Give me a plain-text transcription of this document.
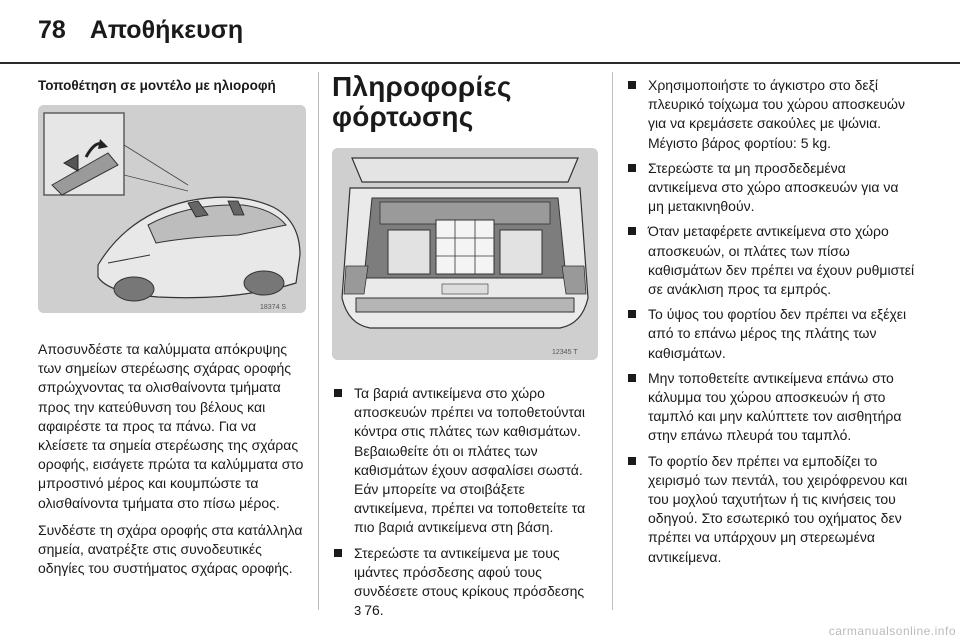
78 Αποθήκευση
Τοποθέτηση σε μοντέλο με ηλιοροφή
18374 S

Αποσυνδέστε τα καλύμματα απόκρυψης των σημείων στερέωσης σχάρας οροφής σπρώχνοντας τα ολισθαίνοντα τμήματα προς την κατεύθυνση του βέλους και αφαιρέστε τα προς τα πάνω. Για να κλείσετε τα σημεία στερέωσης της σχάρας οροφής, εισάγετε πρώτα τα καλύμματα στο μπροστινό μέρος και κουμπώστε τα ολισθαίνοντα τμήματα στο πίσω μέρος.

Συνδέστε τη σχάρα οροφής στα κατάλληλα σημεία, ανατρέξτε στις συνοδευτικές οδηγίες του συστήματος σχάρας οροφής.

Πληροφορίες
φόρτωσης
12345 T
Τα βαριά αντικείμενα στο χώρο αποσκευών πρέπει να τοποθετούνται κόντρα στις πλάτες των καθισμάτων. Βεβαιωθείτε ότι οι πλάτες των καθισμάτων έχουν ασφαλίσει σωστά. Εάν μπορείτε να στοιβάξετε αντικείμενα, πρέπει να τοποθετείτε τα πιο βαριά αντικείμενα στη βάση.
Στερεώστε τα αντικείμενα με τους ιμάντες πρόσδεσης αφού τους συνδέσετε στους κρίκους πρόσδεσης
3 76.
Χρησιμοποιήστε το άγκιστρο στο δεξί πλευρικό τοίχωμα του χώρου αποσκευών για να κρεμάσετε σακούλες με ψώνια. Μέγιστο βάρος φορτίου: 5 kg.
Στερεώστε τα μη προσδεδεμένα αντικείμενα στο χώρο αποσκευών για να μη μετακινηθούν.
Όταν μεταφέρετε αντικείμενα στο χώρο αποσκευών, οι πλάτες των πίσω καθισμάτων δεν πρέπει να έχουν ρυθμιστεί σε ανάκλιση προς τα εμπρός.
Το ύψος του φορτίου δεν πρέπει να εξέχει από το επάνω μέρος της πλάτης των καθισμάτων.
Μην τοποθετείτε αντικείμενα επάνω στο κάλυμμα του χώρου αποσκευών ή στο ταμπλό και μην καλύπτετε τον αισθητήρα στην επάνω πλευρά του ταμπλό.
Το φορτίο δεν πρέπει να εμποδίζει το χειρισμό των πεντάλ, του χειρόφρενου και του μοχλού ταχυτήτων ή τις κινήσεις του οδηγού. Στο εσωτερικό του οχήματος δεν πρέπει να υπάρχουν μη στερεωμένα αντικείμενα.
carmanualsonline.info
